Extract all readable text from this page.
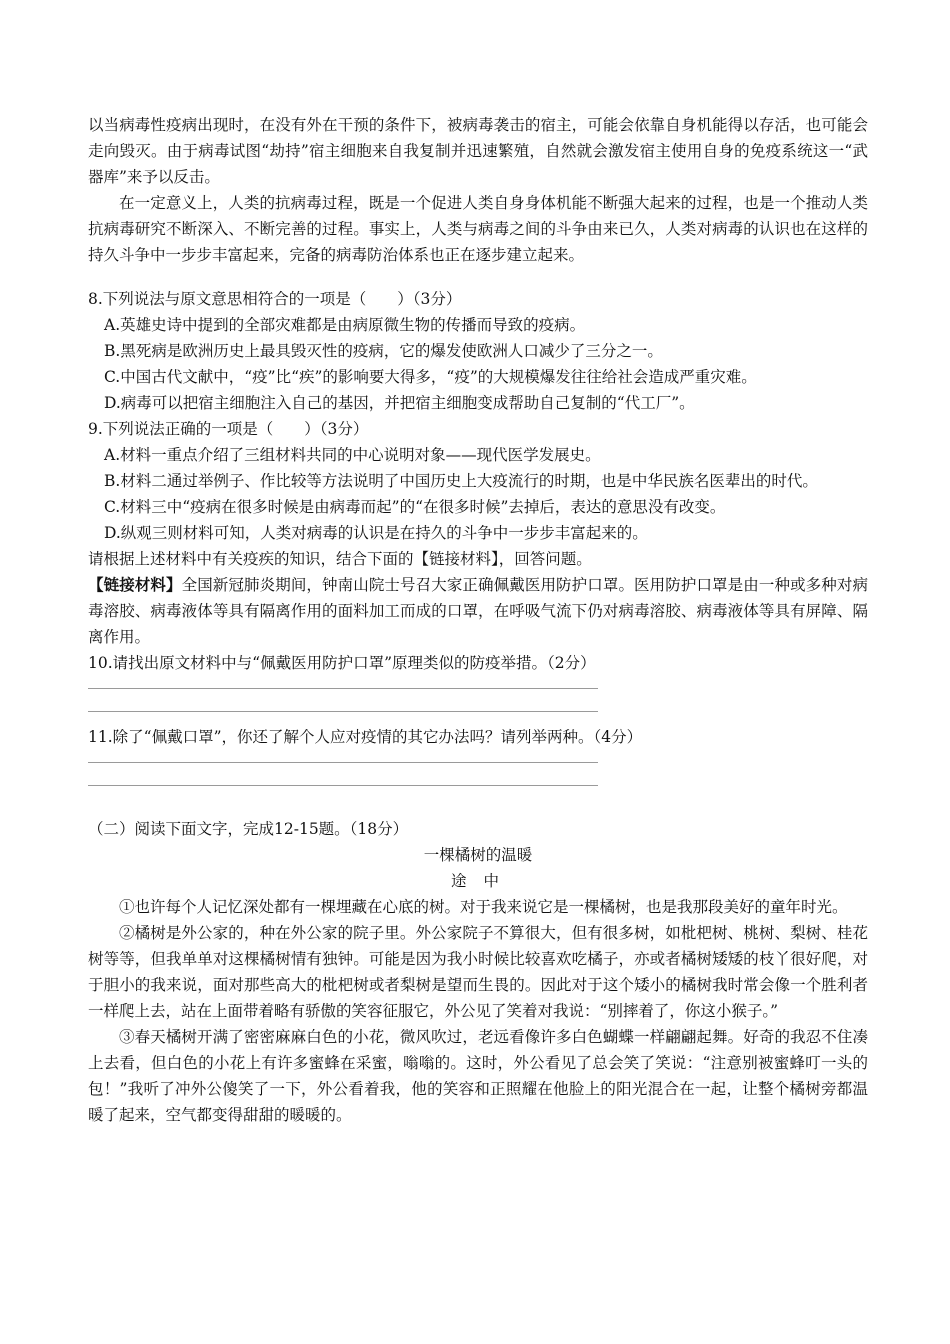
以当病毒性疫病出现时，在没有外在干预的条件下，被病毒袭击的宿主，可能会依靠自身机能得以存活，也可能会走向毁灭。由于病毒试图“劫持”宿主细胞来自我复制并迅速繁殖，自然就会激发宿主使用自身的免疫系统这一“武器库”来予以反击。

在一定意义上，人类的抗病毒过程，既是一个促进人类自身身体机能不断强大起来的过程，也是一个推动人类抗病毒研究不断深入、不断完善的过程。事实上，人类与病毒之间的斗争由来已久，人类对病毒的认识也在这样的持久斗争中一步步丰富起来，完备的病毒防治体系也正在逐步建立起来。

8.下列说法与原文意思相符合的一项是（　　）（3分）

A.英雄史诗中提到的全部灾难都是由病原微生物的传播而导致的疫病。

B.黑死病是欧洲历史上最具毁灭性的疫病，它的爆发使欧洲人口减少了三分之一。

C.中国古代文献中，“疫”比“疾”的影响要大得多，“疫”的大规模爆发往往给社会造成严重灾难。

D.病毒可以把宿主细胞注入自己的基因，并把宿主细胞变成帮助自己复制的“代工厂”。

9.下列说法正确的一项是（　　）（3分）

A.材料一重点介绍了三组材料共同的中心说明对象——现代医学发展史。

B.材料二通过举例子、作比较等方法说明了中国历史上大疫流行的时期，也是中华民族名医辈出的时代。

C.材料三中“疫病在很多时候是由病毒而起”的“在很多时候”去掉后，表达的意思没有改变。

D.纵观三则材料可知，人类对病毒的认识是在持久的斗争中一步步丰富起来的。

请根据上述材料中有关疫疾的知识，结合下面的【链接材料】，回答问题。

【链接材料】全国新冠肺炎期间，钟南山院士号召大家正确佩戴医用防护口罩。医用防护口罩是由一种或多种对病毒溶胶、病毒液体等具有隔离作用的面料加工而成的口罩，在呼吸气流下仍对病毒溶胶、病毒液体等具有屏障、隔离作用。

10.请找出原文材料中与“佩戴医用防护口罩”原理类似的防疫举措。（2分）

11.除了“佩戴口罩”，你还了解个人应对疫情的其它办法吗？请列举两种。（4分）

（二）阅读下面文字，完成12-15题。（18分）

一棵橘树的温暖

途 中

①也许每个人记忆深处都有一棵埋藏在心底的树。对于我来说它是一棵橘树，也是我那段美好的童年时光。

②橘树是外公家的，种在外公家的院子里。外公家院子不算很大，但有很多树，如枇杷树、桃树、梨树、桂花树等等，但我单单对这棵橘树情有独钟。可能是因为我小时候比较喜欢吃橘子，亦或者橘树矮矮的枝丫很好爬，对于胆小的我来说，面对那些高大的枇杷树或者梨树是望而生畏的。因此对于这个矮小的橘树我时常会像一个胜利者一样爬上去，站在上面带着略有骄傲的笑容征服它，外公见了笑着对我说：“别摔着了，你这小猴子。”

③春天橘树开满了密密麻麻白色的小花，微风吹过，老远看像许多白色蝴蝶一样翩翩起舞。好奇的我忍不住凑上去看，但白色的小花上有许多蜜蜂在采蜜，嗡嗡的。这时，外公看见了总会笑了笑说：“注意别被蜜蜂叮一头的包！”我听了冲外公傻笑了一下，外公看着我，他的笑容和正照耀在他脸上的阳光混合在一起，让整个橘树旁都温暖了起来，空气都变得甜甜的暖暖的。
